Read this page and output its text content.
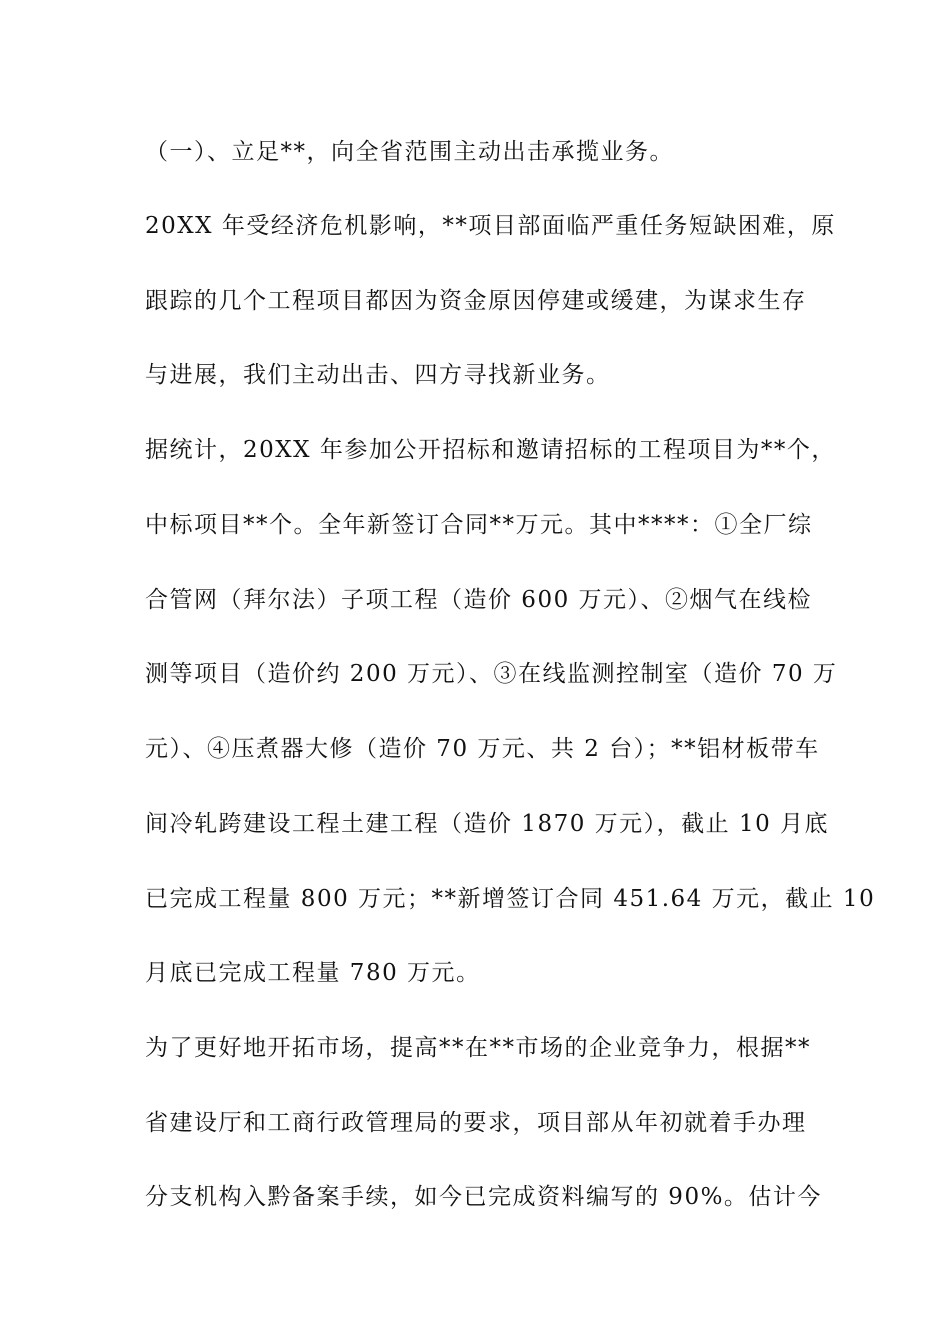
（一）、立足**，向全省范围主动出击承揽业务。
20XX 年受经济危机影响，**项目部面临严重任务短缺困难，原
跟踪的几个工程项目都因为资金原因停建或缓建，为谋求生存
与进展，我们主动出击、四方寻找新业务。
据统计，20XX 年参加公开招标和邀请招标的工程项目为**个，
中标项目**个。全年新签订合同**万元。其中****：①全厂综
合管网（拜尔法）子项工程（造价 600 万元）、②烟气在线检
测等项目（造价约 200 万元）、③在线监测控制室（造价 70 万
元）、④压煮器大修（造价 70 万元、共 2 台）；**铝材板带车
间冷轧跨建设工程土建工程（造价 1870 万元），截止 10 月底
已完成工程量 800 万元；**新增签订合同 451.64 万元，截止 10
月底已完成工程量 780 万元。
为了更好地开拓市场，提高**在**市场的企业竞争力，根据**
省建设厅和工商行政管理局的要求，项目部从年初就着手办理
分支机构入黔备案手续，如今已完成资料编写的 90%。估计今
